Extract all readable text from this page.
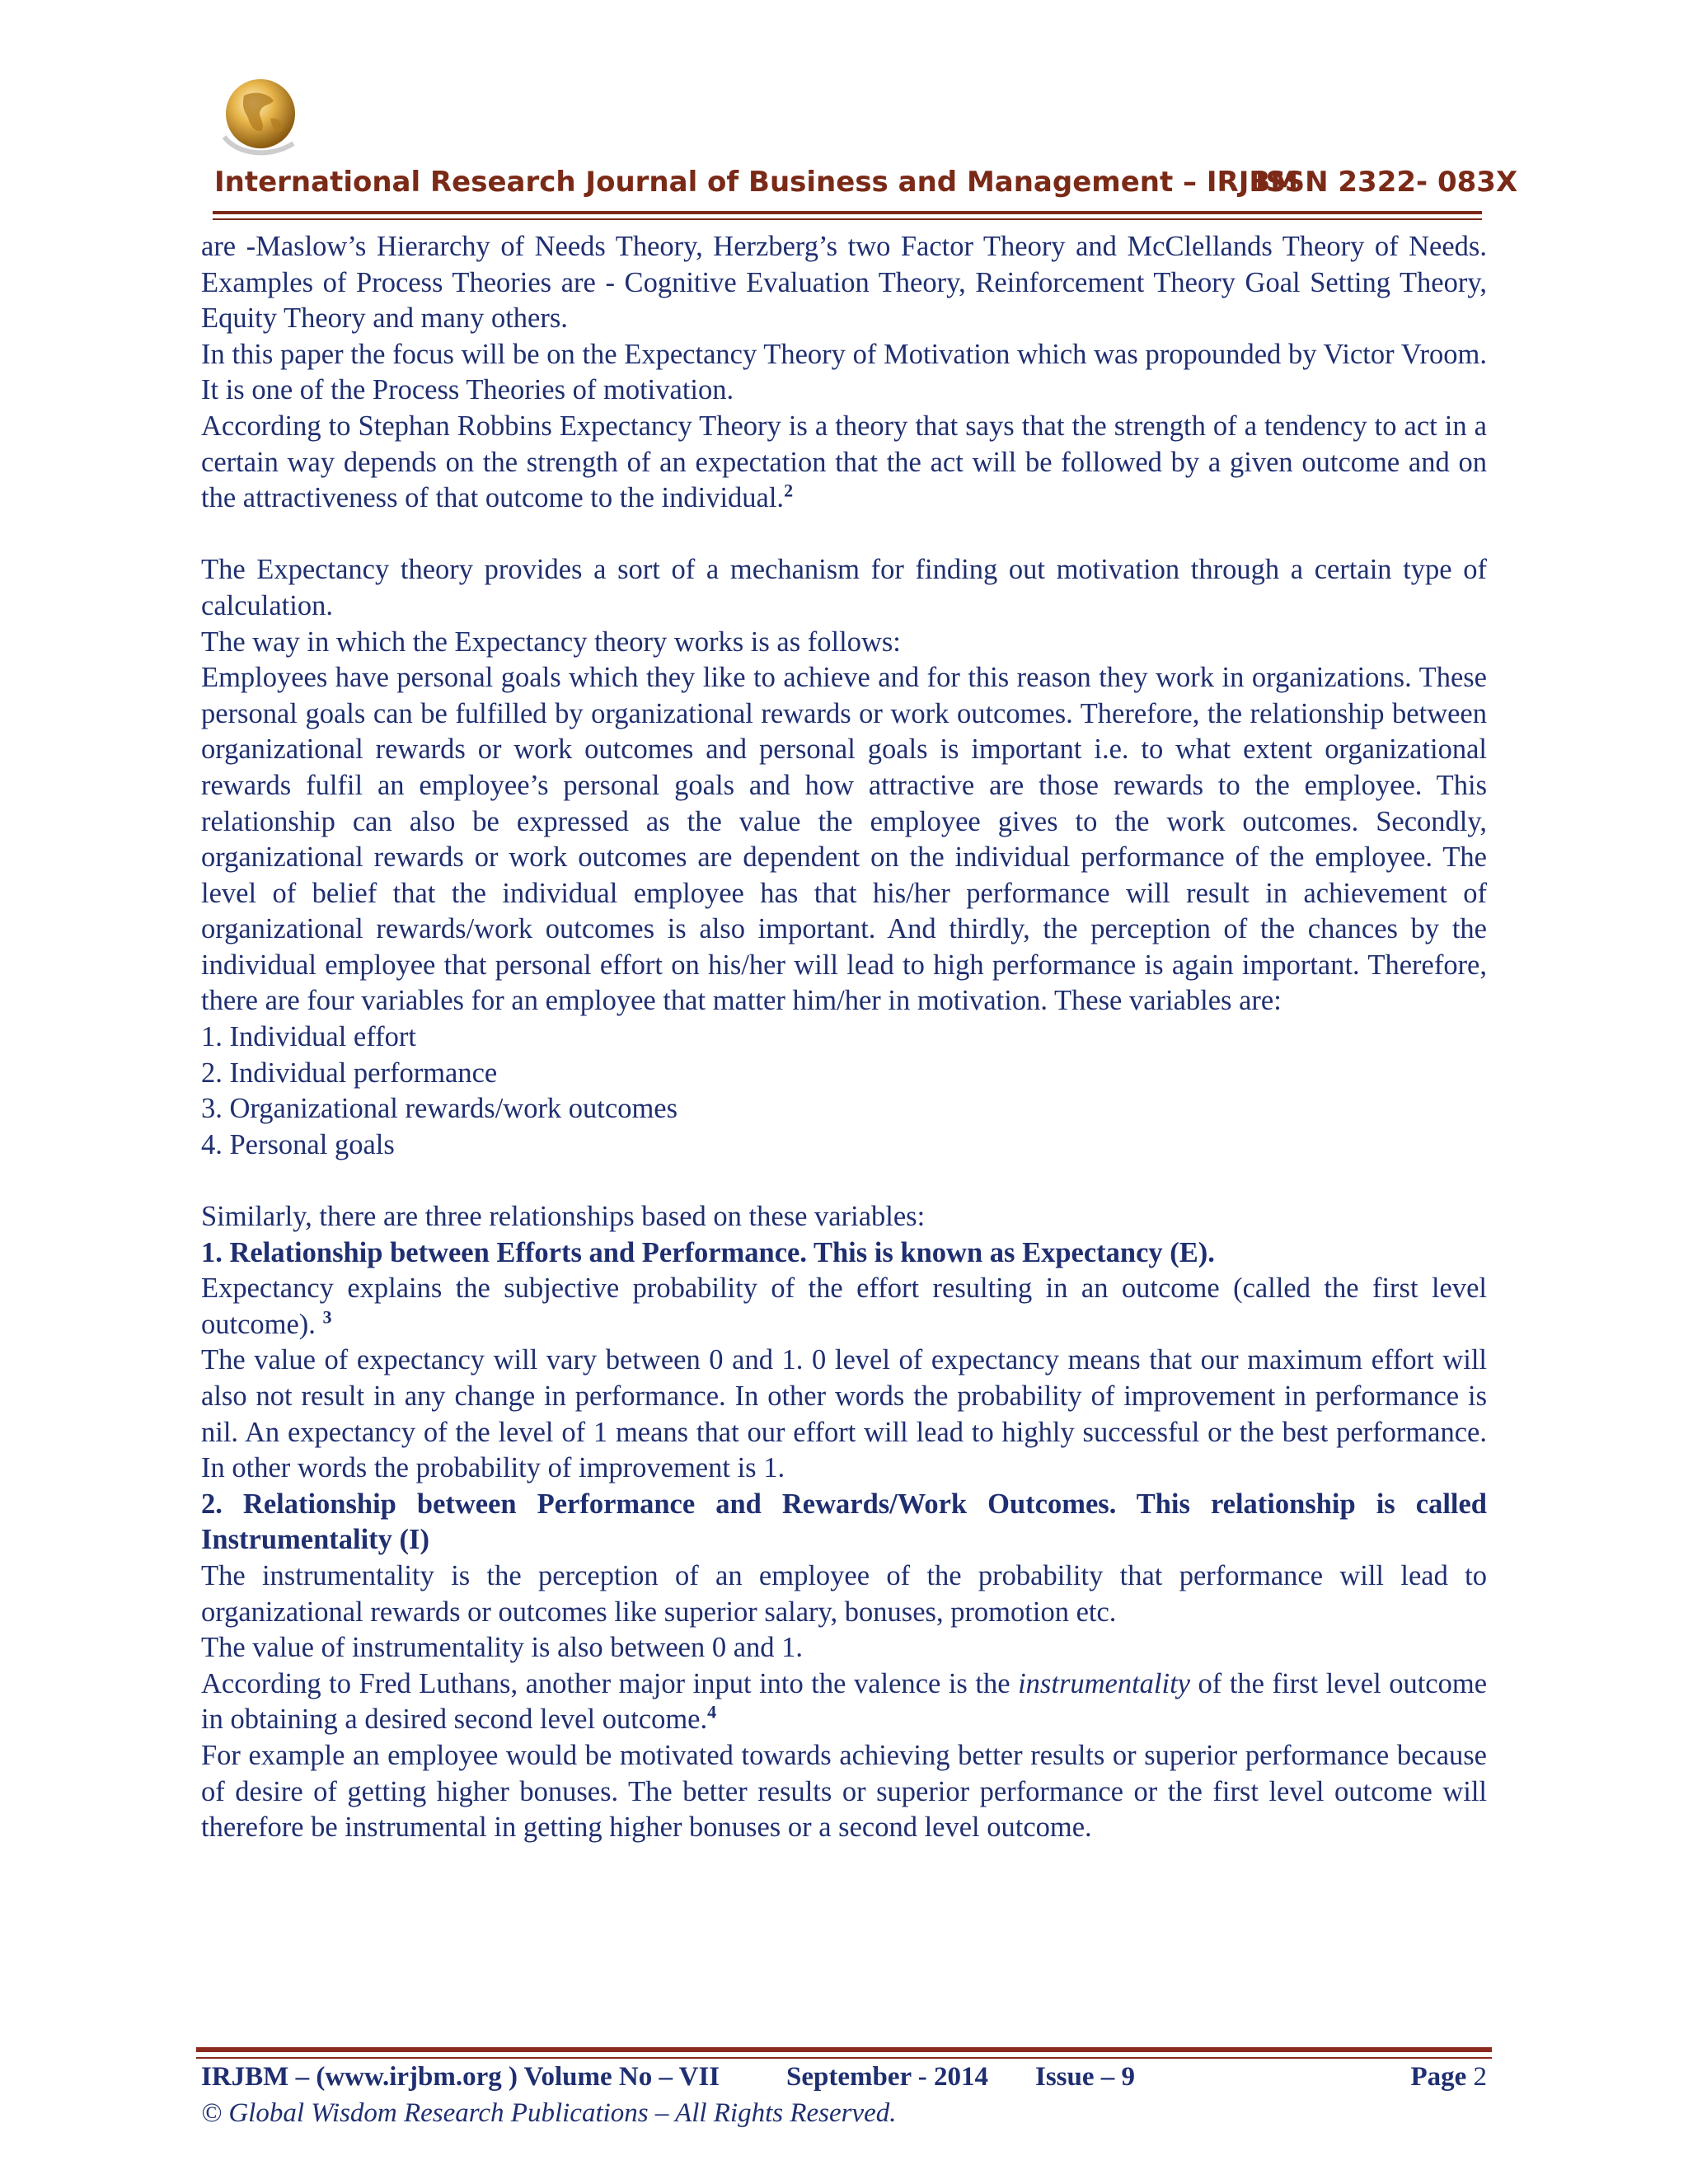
International Research Journal of Business and Management – IRJBM
ISSN 2322- 083X

are -Maslow’s Hierarchy of Needs Theory, Herzberg’s two Factor Theory and McClellands Theory of Needs. Examples of Process Theories are - Cognitive Evaluation Theory, Reinforcement Theory Goal Setting Theory, Equity Theory and many others.

In this paper the focus will be on the Expectancy Theory of Motivation which was propounded by Victor Vroom. It is one of the Process Theories of motivation.

According to Stephan Robbins Expectancy Theory is a theory that says that the strength of a tendency to act in a certain way depends on the strength of an expectation that the act will be followed by a given outcome and on the attractiveness of that outcome to the individual.$^2$

The Expectancy theory provides a sort of a mechanism for finding out motivation through a certain type of calculation.

The way in which the Expectancy theory works is as follows:

Employees have personal goals which they like to achieve and for this reason they work in organizations. These personal goals can be fulfilled by organizational rewards or work outcomes. Therefore, the relationship between organizational rewards or work outcomes and personal goals is important i.e. to what extent organizational rewards fulfil an employee’s personal goals and how attractive are those rewards to the employee. This relationship can also be expressed as the value the employee gives to the work outcomes. Secondly, organizational rewards or work outcomes are dependent on the individual performance of the employee. The level of belief that the individual employee has that his/her performance will result in achievement of organizational rewards/work outcomes is also important. And thirdly, the perception of the chances by the individual employee that personal effort on his/her will lead to high performance is again important. Therefore, there are four variables for an employee that matter him/her in motivation. These variables are:

1. Individual effort

2. Individual performance

3. Organizational rewards/work outcomes

4. Personal goals

Similarly, there are three relationships based on these variables:

1. Relationship between Efforts and Performance. This is known as Expectancy (E).

Expectancy explains the subjective probability of the effort resulting in an outcome (called the first level outcome). $^3$

The value of expectancy will vary between 0 and 1. 0 level of expectancy means that our maximum effort will also not result in any change in performance. In other words the probability of improvement in performance is nil. An expectancy of the level of 1 means that our effort will lead to highly successful or the best performance. In other words the probability of improvement is 1.

2. Relationship between Performance and Rewards/Work Outcomes. This relationship is called Instrumentality (I)

The instrumentality is the perception of an employee of the probability that performance will lead to organizational rewards or outcomes like superior salary, bonuses, promotion etc.

The value of instrumentality is also between 0 and 1.

According to Fred Luthans, another major input into the valence is the instrumentality of the first level outcome in obtaining a desired second level outcome.$^4$

For example an employee would be motivated towards achieving better results or superior performance because of desire of getting higher bonuses. The better results or superior performance or the first level outcome will therefore be instrumental in getting higher bonuses or a second level outcome.

IRJBM – (www.irjbm.org ) Volume No – VII September - 2014 Issue – 9	Page 2
© Global Wisdom Research Publications – All Rights Reserved.
